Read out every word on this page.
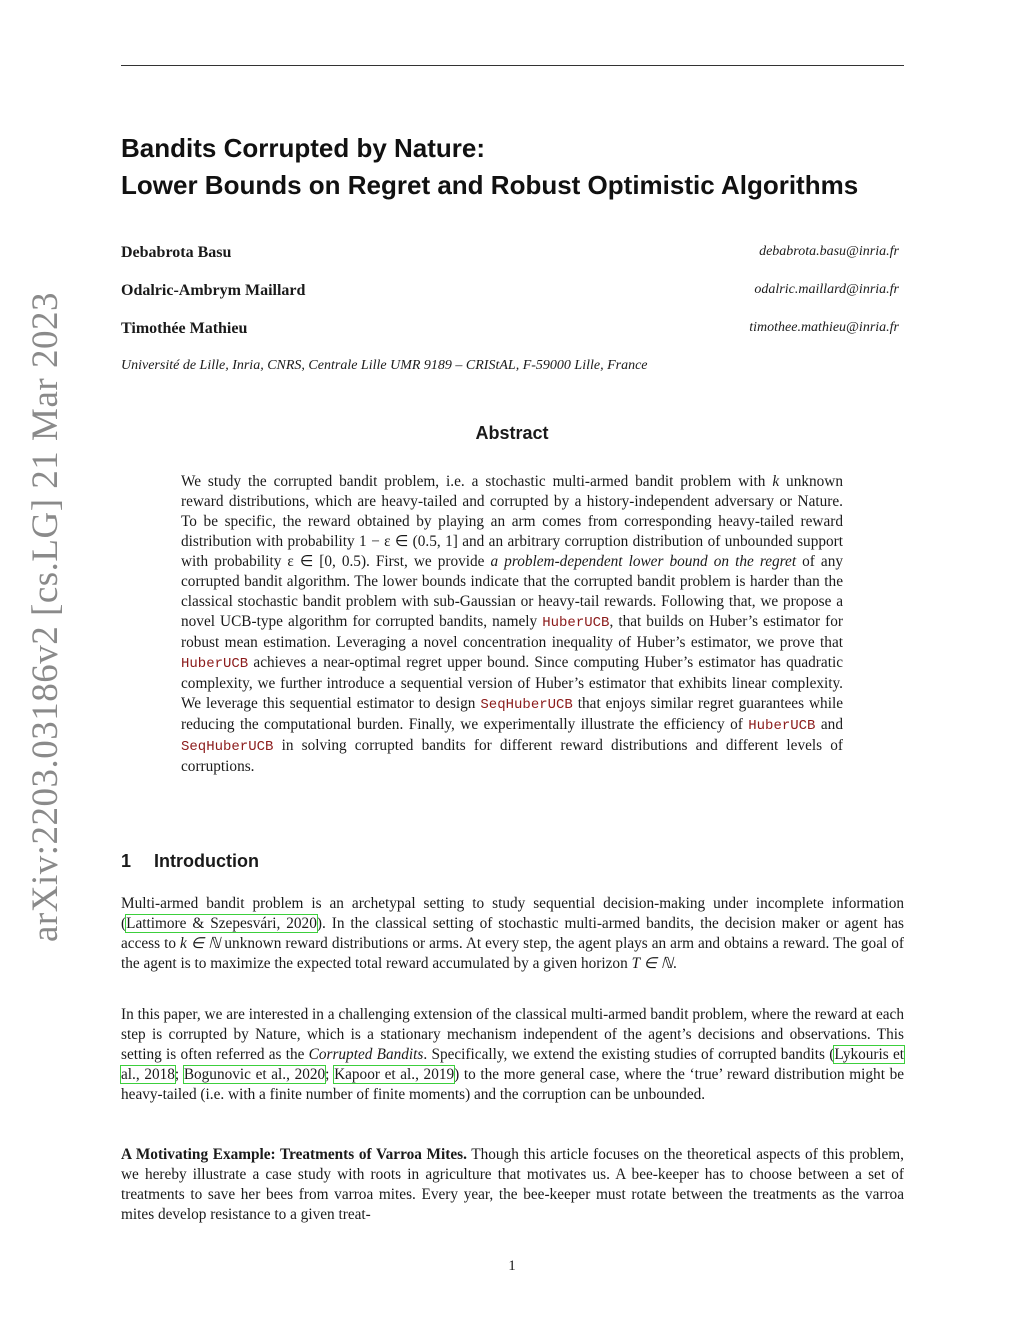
arXiv:2203.03186v2 [cs.LG] 21 Mar 2023
Bandits Corrupted by Nature:
Lower Bounds on Regret and Robust Optimistic Algorithms
Debabrota Basu	debabrota.basu@inria.fr
Odalric-Ambrym Maillard	odalric.maillard@inria.fr
Timothée Mathieu	timothee.mathieu@inria.fr
Université de Lille, Inria, CNRS, Centrale Lille UMR 9189 – CRIStAL, F-59000 Lille, France
Abstract
We study the corrupted bandit problem, i.e. a stochastic multi-armed bandit problem with k unknown reward distributions, which are heavy-tailed and corrupted by a history-independent adversary or Nature. To be specific, the reward obtained by playing an arm comes from corresponding heavy-tailed reward distribution with probability 1 − ε ∈ (0.5, 1] and an arbitrary corruption distribution of unbounded support with probability ε ∈ [0, 0.5). First, we provide a problem-dependent lower bound on the regret of any corrupted bandit algorithm. The lower bounds indicate that the corrupted bandit problem is harder than the classical stochastic bandit problem with sub-Gaussian or heavy-tail rewards. Following that, we propose a novel UCB-type algorithm for corrupted bandits, namely HuberUCB, that builds on Huber’s estimator for robust mean estimation. Leveraging a novel concentration inequality of Huber’s estimator, we prove that HuberUCB achieves a near-optimal regret upper bound. Since computing Huber’s estimator has quadratic complexity, we further introduce a sequential version of Huber’s estimator that exhibits linear complexity. We leverage this sequential estimator to design SeqHuberUCB that enjoys similar regret guarantees while reducing the computational burden. Finally, we experimentally illustrate the efficiency of HuberUCB and SeqHuberUCB in solving corrupted bandits for different reward distributions and different levels of corruptions.
1 Introduction
Multi-armed bandit problem is an archetypal setting to study sequential decision-making under incomplete information (Lattimore & Szepesvári, 2020). In the classical setting of stochastic multi-armed bandits, the decision maker or agent has access to k ∈ ℕ unknown reward distributions or arms. At every step, the agent plays an arm and obtains a reward. The goal of the agent is to maximize the expected total reward accumulated by a given horizon T ∈ ℕ.
In this paper, we are interested in a challenging extension of the classical multi-armed bandit problem, where the reward at each step is corrupted by Nature, which is a stationary mechanism independent of the agent’s decisions and observations. This setting is often referred as the Corrupted Bandits. Specifically, we extend the existing studies of corrupted bandits (Lykouris et al., 2018; Bogunovic et al., 2020; Kapoor et al., 2019) to the more general case, where the ‘true’ reward distribution might be heavy-tailed (i.e. with a finite number of finite moments) and the corruption can be unbounded.
A Motivating Example: Treatments of Varroa Mites. Though this article focuses on the theoretical aspects of this problem, we hereby illustrate a case study with roots in agriculture that motivates us. A bee-keeper has to choose between a set of treatments to save her bees from varroa mites. Every year, the bee-keeper must rotate between the treatments as the varroa mites develop resistance to a given treat-
1
